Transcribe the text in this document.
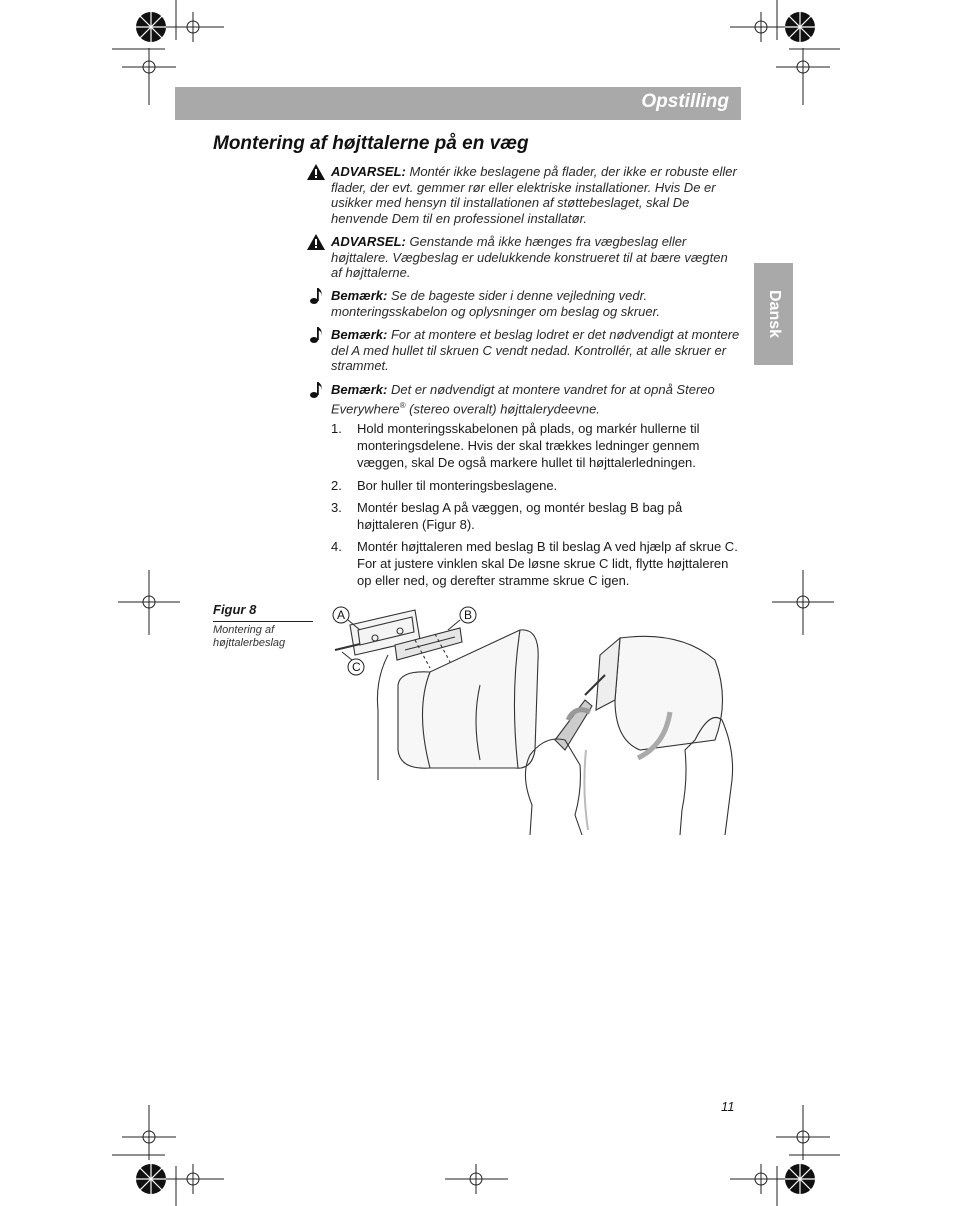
Opstilling
Dansk
Montering af højttalerne på en væg
ADVARSEL: Montér ikke beslagene på flader, der ikke er robuste eller flader, der evt. gemmer rør eller elektriske installationer. Hvis De er usikker med hensyn til installationen af støttebeslaget, skal De henvende Dem til en professionel installatør.
ADVARSEL: Genstande må ikke hænges fra vægbeslag eller højttalere. Vægbeslag er udelukkende konstrueret til at bære vægten af højttalerne.
Bemærk: Se de bageste sider i denne vejledning vedr. monteringsskabelon og oplysninger om beslag og skruer.
Bemærk: For at montere et beslag lodret er det nødvendigt at montere del A med hullet til skruen C vendt nedad. Kontrollér, at alle skruer er strammet.
Bemærk: Det er nødvendigt at montere vandret for at opnå Stereo Everywhere® (stereo overalt) højttalerydeevne.
1. Hold monteringsskabelonen på plads, og markér hullerne til monteringsdelene. Hvis der skal trækkes ledninger gennem væggen, skal De også markere hullet til højttalerledningen.
2. Bor huller til monteringsbeslagene.
3. Montér beslag A på væggen, og montér beslag B bag på højttaleren (Figur 8).
4. Montér højttaleren med beslag B til beslag A ved hjælp af skrue C. For at justere vinklen skal De løsne skrue C lidt, flytte højttaleren op eller ned, og derefter stramme skrue C igen.
Figur 8
Montering af højttalerbeslag
A	B
C
11
